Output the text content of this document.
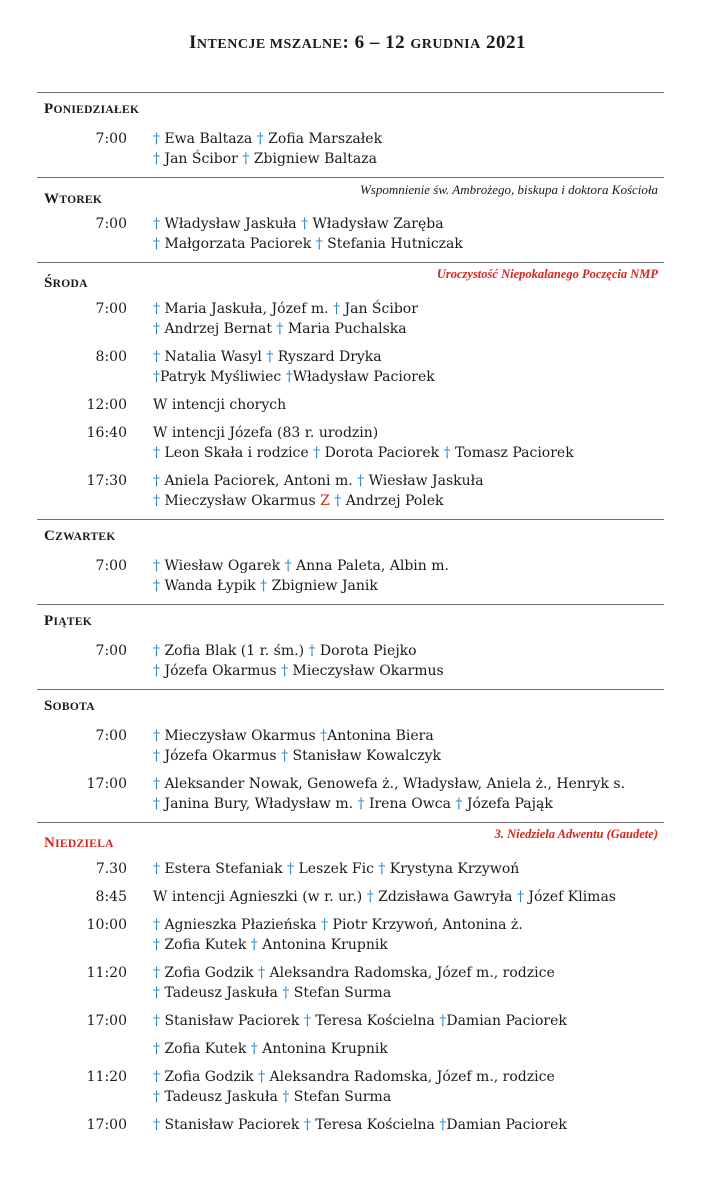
INTENCJE MSZALNE: 6 – 12 GRUDNIA 2021
PONIEDZIAŁEK
7:00	† Ewa Baltaza † Zofia Marszałek
† Jan Ścibor † Zbigniew Baltaza
WTOREK
Wspomnienie św. Ambrożego, biskupa i doktora Kościoła
7:00	† Władysław Jaskuła † Władysław Zaręba
† Małgorzata Paciorek † Stefania Hutniczak
ŚRODA
Uroczystość Niepokalanego Poczęcia NMP
7:00	† Maria Jaskuła, Józef m. † Jan Ścibor
† Andrzej Bernat † Maria Puchalska
8:00	† Natalia Wasyl † Ryszard Dryka
†Patryk Myśliwiec †Władysław Paciorek
12:00	W intencji chorych
16:40	W intencji Józefa (83 r. urodzin)
† Leon Skała i rodzice † Dorota Paciorek † Tomasz Paciorek
17:30	† Aniela Paciorek, Antoni m. † Wiesław Jaskuła
† Mieczysław Okarmus Z † Andrzej Polek
CZWARTEK
7:00	† Wiesław Ogarek † Anna Paleta, Albin m.
† Wanda Łypik † Zbigniew Janik
PIĄTEK
7:00	† Zofia Blak (1 r. śm.) † Dorota Piejko
† Józefa Okarmus † Mieczysław Okarmus
SOBOTA
7:00	† Mieczysław Okarmus †Antonina Biera
† Józefa Okarmus † Stanisław Kowalczyk
17:00	† Aleksander Nowak, Genowefa ż., Władysław, Aniela ż., Henryk s.
† Janina Bury, Władysław m. † Irena Owca † Józefa Pająk
NIEDZIELA
3. Niedziela Adwentu (Gaudete)
7.30	† Estera Stefaniak † Leszek Fic † Krystyna Krzywoń
8:45	W intencji Agnieszki (w r. ur.) † Zdzisława Gawryła † Józef Klimas
10:00	† Agnieszka Płazieńska † Piotr Krzywoń, Antonina ż.
† Zofia Kutek † Antonina Krupnik
11:20	† Zofia Godzik † Aleksandra Radomska, Józef m., rodzice
† Tadeusz Jaskuła † Stefan Surma
17:00	† Stanisław Paciorek † Teresa Kościelna †Damian Paciorek
† Zofia Kutek † Antonina Krupnik
11:20	† Zofia Godzik † Aleksandra Radomska, Józef m., rodzice
† Tadeusz Jaskuła † Stefan Surma
17:00	† Stanisław Paciorek † Teresa Kościelna †Damian Paciorek
